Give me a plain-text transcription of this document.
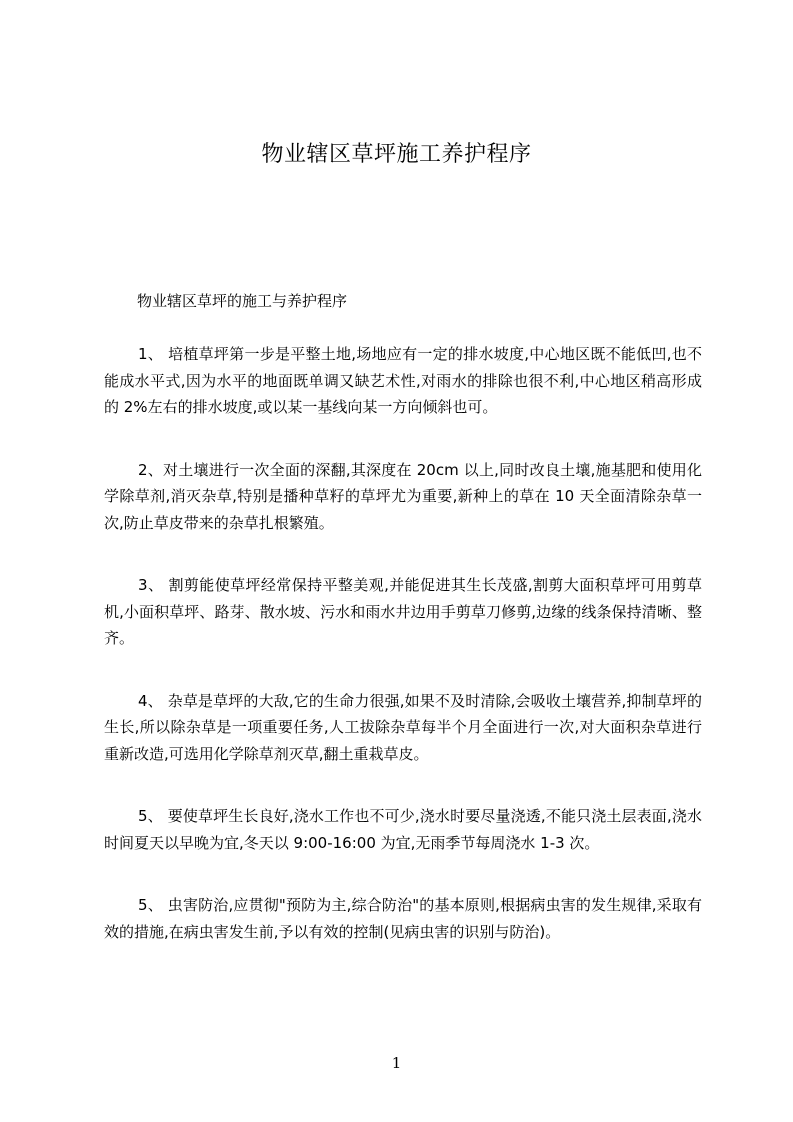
物业辖区草坪施工养护程序
物业辖区草坪的施工与养护程序

1、 培植草坪第一步是平整土地,场地应有一定的排水坡度,中心地区既不能低凹,也不能成水平式,因为水平的地面既单调又缺艺术性,对雨水的排除也很不利,中心地区稍高形成的 2%左右的排水坡度,或以某一基线向某一方向倾斜也可。

2、对土壤进行一次全面的深翻,其深度在 20cm 以上,同时改良土壤,施基肥和使用化学除草剂,消灭杂草,特别是播种草籽的草坪尤为重要,新种上的草在 10 天全面清除杂草一次,防止草皮带来的杂草扎根繁殖。

3、 割剪能使草坪经常保持平整美观,并能促进其生长茂盛,割剪大面积草坪可用剪草机,小面积草坪、路芽、散水坡、污水和雨水井边用手剪草刀修剪,边缘的线条保持清晰、整齐。

4、 杂草是草坪的大敌,它的生命力很强,如果不及时清除,会吸收土壤营养,抑制草坪的生长,所以除杂草是一项重要任务,人工拔除杂草每半个月全面进行一次,对大面积杂草进行重新改造,可选用化学除草剂灭草,翻土重栽草皮。

5、 要使草坪生长良好,浇水工作也不可少,浇水时要尽量浇透,不能只浇土层表面,浇水时间夏天以早晚为宜,冬天以 9:00-16:00 为宜,无雨季节每周浇水 1-3 次。

5、 虫害防治,应贯彻"预防为主,综合防治"的基本原则,根据病虫害的发生规律,采取有效的措施,在病虫害发生前,予以有效的控制(见病虫害的识别与防治)。

1
